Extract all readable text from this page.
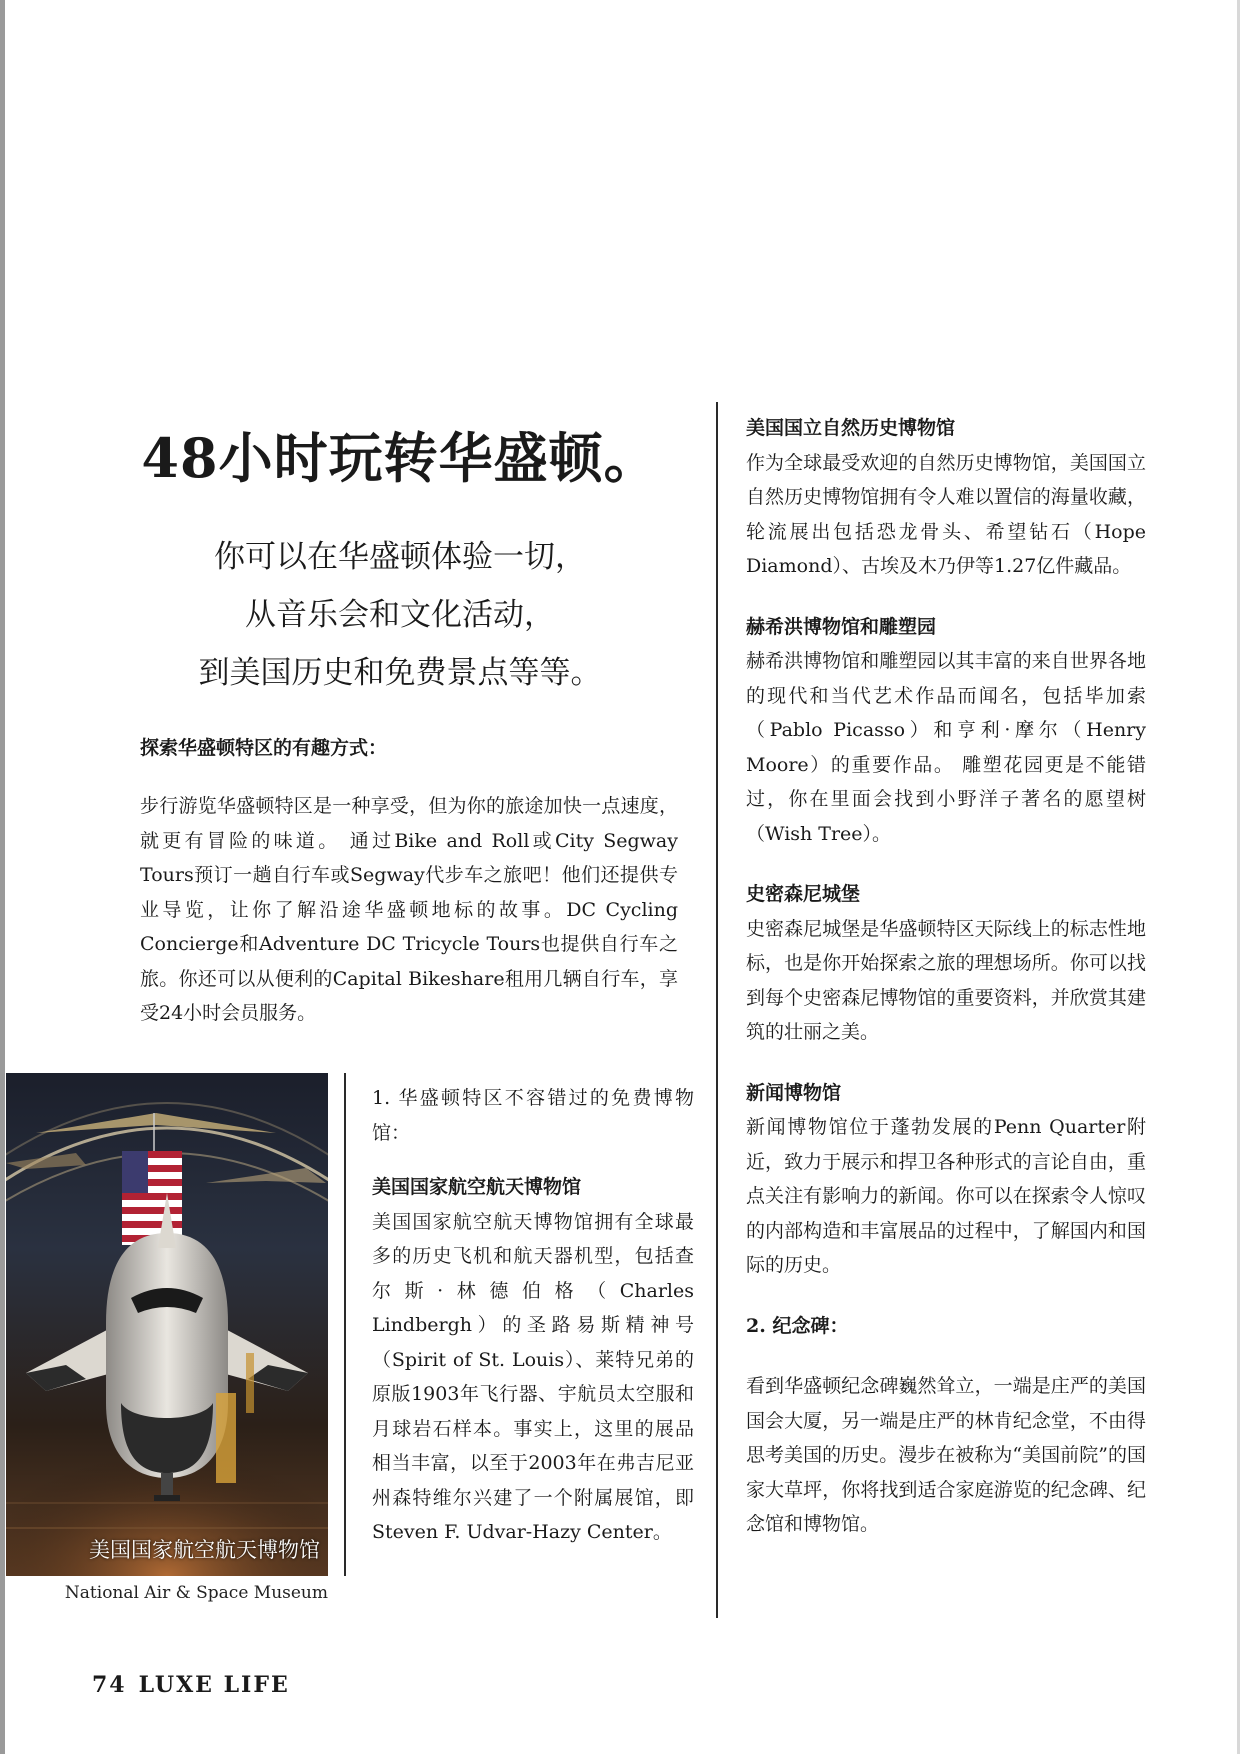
48小时玩转华盛顿。
你可以在华盛顿体验一切，
从音乐会和文化活动，
到美国历史和免费景点等等。
探索华盛顿特区的有趣方式：

步行游览华盛顿特区是一种享受，但为你的旅途加快一点速度，就更有冒险的味道。 通过Bike and Roll或City Segway Tours预订一趟自行车或Segway代步车之旅吧！他们还提供专业导览，让你了解沿途华盛顿地标的故事。DC Cycling Concierge和Adventure DC Tricycle Tours也提供自行车之旅。你还可以从便利的Capital Bikeshare租用几辆自行车，享受24小时会员服务。

美国国家航空航天博物馆
National Air & Space Museum

1. 华盛顿特区不容错过的免费博物馆：

美国国家航空航天博物馆

美国国家航空航天博物馆拥有全球最多的历史飞机和航天器机型，包括查尔斯·林德伯格（Charles Lindbergh）的圣路易斯精神号（Spirit of St. Louis）、莱特兄弟的原版1903年飞行器、宇航员太空服和月球岩石样本。事实上，这里的展品相当丰富，以至于2003年在弗吉尼亚州森特维尔兴建了一个附属展馆，即Steven F. Udvar-Hazy Center。

美国国立自然历史博物馆

作为全球最受欢迎的自然历史博物馆，美国国立自然历史博物馆拥有令人难以置信的海量收藏，轮流展出包括恐龙骨头、希望钻石（Hope Diamond）、古埃及木乃伊等1.27亿件藏品。

赫希洪博物馆和雕塑园

赫希洪博物馆和雕塑园以其丰富的来自世界各地的现代和当代艺术作品而闻名，包括毕加索（Pablo Picasso）和亨利·摩尔（Henry Moore）的重要作品。 雕塑花园更是不能错过，你在里面会找到小野洋子著名的愿望树（Wish Tree）。

史密森尼城堡

史密森尼城堡是华盛顿特区天际线上的标志性地标，也是你开始探索之旅的理想场所。你可以找到每个史密森尼博物馆的重要资料，并欣赏其建筑的壮丽之美。

新闻博物馆

新闻博物馆位于蓬勃发展的Penn Quarter附近，致力于展示和捍卫各种形式的言论自由，重点关注有影响力的新闻。你可以在探索令人惊叹的内部构造和丰富展品的过程中，了解国内和国际的历史。

2. 纪念碑：

看到华盛顿纪念碑巍然耸立，一端是庄严的美国国会大厦，另一端是庄严的林肯纪念堂，不由得思考美国的历史。漫步在被称为“美国前院”的国家大草坪，你将找到适合家庭游览的纪念碑、纪念馆和博物馆。

74 LUXE LIFE
